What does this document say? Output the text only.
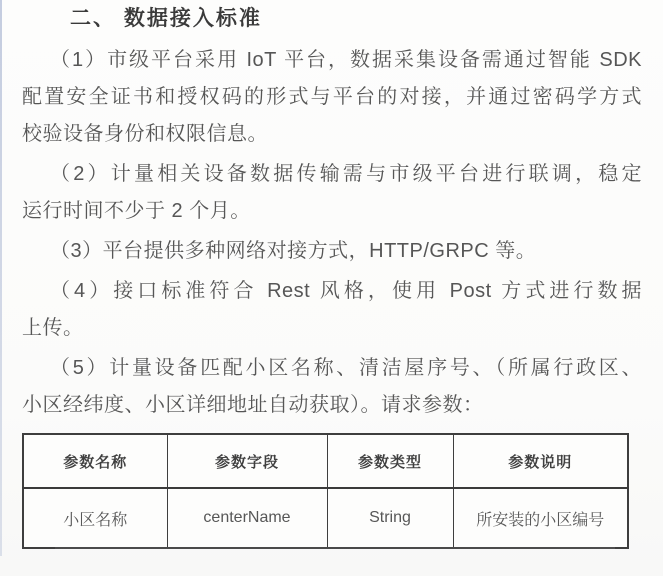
二、 数据接入标准
（1）市级平台采用 IoT 平台，数据采集设备需通过智能 SDK
配置安全证书和授权码的形式与平台的对接，并通过密码学方式
校验设备身份和权限信息。
（2）计量相关设备数据传输需与市级平台进行联调，稳定
运行时间不少于 2 个月。
（3）平台提供多种网络对接方式，HTTP/GRPC 等。
（4）接口标准符合 Rest 风格，使用 Post 方式进行数据
上传。
（5）计量设备匹配小区名称、清洁屋序号、（所属行政区、
小区经纬度、小区详细地址自动获取）。请求参数：
参数名称	参数字段	参数类型	参数说明
小区名称	centerName	String	所安装的小区编号
